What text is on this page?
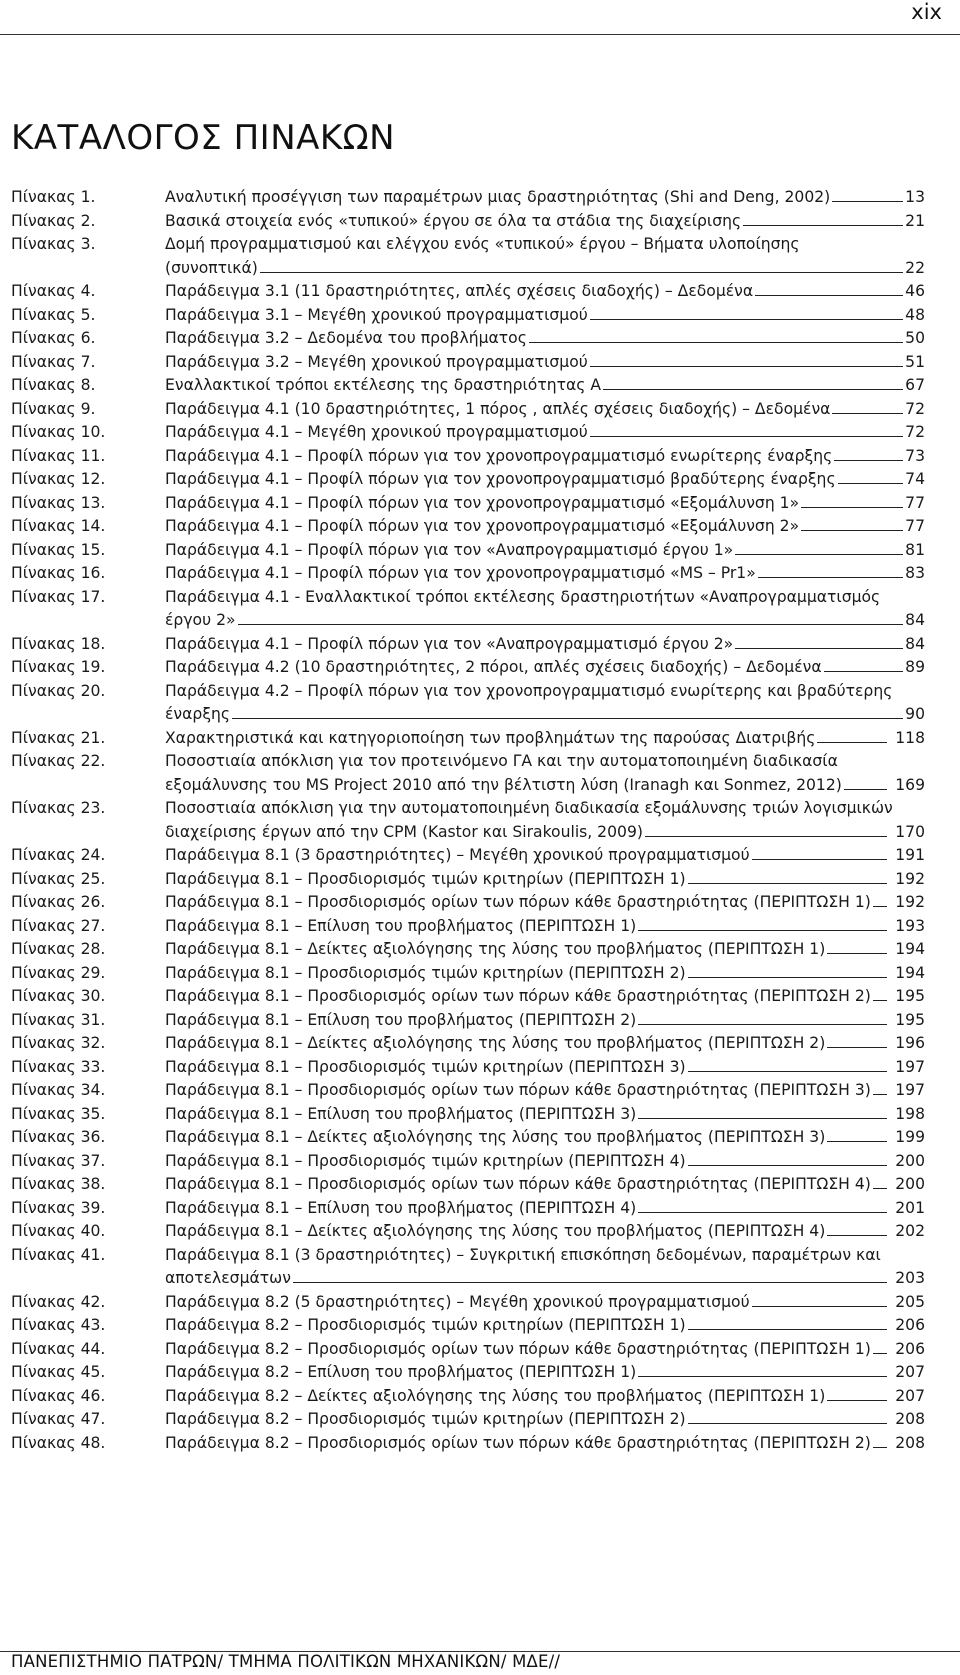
xix
ΚΑΤΑΛΟΓΟΣ ΠΙΝΑΚΩΝ
Πίνακας 1.	Αναλυτική προσέγγιση των παραμέτρων μιας δραστηριότητας (Shi and Deng, 2002)	13
Πίνακας 2.	Βασικά στοιχεία ενός «τυπικού» έργου σε όλα τα στάδια της διαχείρισης	21
Πίνακας 3.	Δομή προγραμματισμού και ελέγχου ενός «τυπικού» έργου – Βήματα υλοποίησης
(συνοπτικά)	22
Πίνακας 4.	Παράδειγμα 3.1 (11 δραστηριότητες, απλές σχέσεις διαδοχής) – Δεδομένα	46
Πίνακας 5.	Παράδειγμα 3.1 – Μεγέθη χρονικού προγραμματισμού	48
Πίνακας 6.	Παράδειγμα 3.2 – Δεδομένα του προβλήματος	50
Πίνακας 7.	Παράδειγμα 3.2 – Μεγέθη χρονικού προγραμματισμού	51
Πίνακας 8.	Εναλλακτικοί τρόποι εκτέλεσης της δραστηριότητας Α	67
Πίνακας 9.	Παράδειγμα 4.1 (10 δραστηριότητες, 1 πόρος , απλές σχέσεις διαδοχής) – Δεδομένα	72
Πίνακας 10.	Παράδειγμα 4.1 – Μεγέθη χρονικού προγραμματισμού	72
Πίνακας 11.	Παράδειγμα 4.1 – Προφίλ πόρων για τον χρονοπρογραμματισμό ενωρίτερης έναρξης	73
Πίνακας 12.	Παράδειγμα 4.1 – Προφίλ πόρων για τον χρονοπρογραμματισμό βραδύτερης έναρξης	74
Πίνακας 13.	Παράδειγμα 4.1 – Προφίλ πόρων για τον χρονοπρογραμματισμό «Εξομάλυνση 1»	77
Πίνακας 14.	Παράδειγμα 4.1 – Προφίλ πόρων για τον χρονοπρογραμματισμό «Εξομάλυνση 2»	77
Πίνακας 15.	Παράδειγμα 4.1 – Προφίλ πόρων για τον «Αναπρογραμματισμό έργου 1»	81
Πίνακας 16.	Παράδειγμα 4.1 – Προφίλ πόρων για τον χρονοπρογραμματισμό «MS – Pr1»	83
Πίνακας 17.	Παράδειγμα 4.1 - Εναλλακτικοί τρόποι εκτέλεσης δραστηριοτήτων «Αναπρογραμματισμός
έργου 2»	84
Πίνακας 18.	Παράδειγμα 4.1 – Προφίλ πόρων για τον «Αναπρογραμματισμό έργου 2»	84
Πίνακας 19.	Παράδειγμα 4.2 (10 δραστηριότητες, 2 πόροι, απλές σχέσεις διαδοχής) – Δεδομένα	89
Πίνακας 20.	Παράδειγμα 4.2 – Προφίλ πόρων για τον χρονοπρογραμματισμό ενωρίτερης και βραδύτερης
έναρξης	90
Πίνακας 21.	Χαρακτηριστικά και κατηγοριοποίηση των προβλημάτων της παρούσας Διατριβής	118
Πίνακας 22.	Ποσοστιαία απόκλιση για τον προτεινόμενο ΓΑ και την αυτοματοποιημένη διαδικασία
εξομάλυνσης του MS Project 2010 από την βέλτιστη λύση (Iranagh και Sonmez, 2012)	169
Πίνακας 23.	Ποσοστιαία απόκλιση για την αυτοματοποιημένη διαδικασία εξομάλυνσης τριών λογισμικών
διαχείρισης έργων από την CPM (Kastor και Sirakoulis, 2009)	170
Πίνακας 24.	Παράδειγμα 8.1 (3 δραστηριότητες) – Μεγέθη χρονικού προγραμματισμού	191
Πίνακας 25.	Παράδειγμα 8.1 – Προσδιορισμός τιμών κριτηρίων (ΠΕΡΙΠΤΩΣΗ 1)	192
Πίνακας 26.	Παράδειγμα 8.1 – Προσδιορισμός ορίων των πόρων κάθε δραστηριότητας (ΠΕΡΙΠΤΩΣΗ 1)	192
Πίνακας 27.	Παράδειγμα 8.1 – Επίλυση του προβλήματος (ΠΕΡΙΠΤΩΣΗ 1)	193
Πίνακας 28.	Παράδειγμα 8.1 – Δείκτες αξιολόγησης της λύσης του προβλήματος (ΠΕΡΙΠΤΩΣΗ 1)	194
Πίνακας 29.	Παράδειγμα 8.1 – Προσδιορισμός τιμών κριτηρίων (ΠΕΡΙΠΤΩΣΗ 2)	194
Πίνακας 30.	Παράδειγμα 8.1 – Προσδιορισμός ορίων των πόρων κάθε δραστηριότητας (ΠΕΡΙΠΤΩΣΗ 2)	195
Πίνακας 31.	Παράδειγμα 8.1 – Επίλυση του προβλήματος (ΠΕΡΙΠΤΩΣΗ 2)	195
Πίνακας 32.	Παράδειγμα 8.1 – Δείκτες αξιολόγησης της λύσης του προβλήματος (ΠΕΡΙΠΤΩΣΗ 2)	196
Πίνακας 33.	Παράδειγμα 8.1 – Προσδιορισμός τιμών κριτηρίων (ΠΕΡΙΠΤΩΣΗ 3)	197
Πίνακας 34.	Παράδειγμα 8.1 – Προσδιορισμός ορίων των πόρων κάθε δραστηριότητας (ΠΕΡΙΠΤΩΣΗ 3)	197
Πίνακας 35.	Παράδειγμα 8.1 – Επίλυση του προβλήματος (ΠΕΡΙΠΤΩΣΗ 3)	198
Πίνακας 36.	Παράδειγμα 8.1 – Δείκτες αξιολόγησης της λύσης του προβλήματος (ΠΕΡΙΠΤΩΣΗ 3)	199
Πίνακας 37.	Παράδειγμα 8.1 – Προσδιορισμός τιμών κριτηρίων (ΠΕΡΙΠΤΩΣΗ 4)	200
Πίνακας 38.	Παράδειγμα 8.1 – Προσδιορισμός ορίων των πόρων κάθε δραστηριότητας (ΠΕΡΙΠΤΩΣΗ 4)	200
Πίνακας 39.	Παράδειγμα 8.1 – Επίλυση του προβλήματος (ΠΕΡΙΠΤΩΣΗ 4)	201
Πίνακας 40.	Παράδειγμα 8.1 – Δείκτες αξιολόγησης της λύσης του προβλήματος (ΠΕΡΙΠΤΩΣΗ 4)	202
Πίνακας 41.	Παράδειγμα 8.1 (3 δραστηριότητες) – Συγκριτική επισκόπηση δεδομένων, παραμέτρων και
αποτελεσμάτων	203
Πίνακας 42.	Παράδειγμα 8.2 (5 δραστηριότητες) – Μεγέθη χρονικού προγραμματισμού	205
Πίνακας 43.	Παράδειγμα 8.2 – Προσδιορισμός τιμών κριτηρίων (ΠΕΡΙΠΤΩΣΗ 1)	206
Πίνακας 44.	Παράδειγμα 8.2 – Προσδιορισμός ορίων των πόρων κάθε δραστηριότητας (ΠΕΡΙΠΤΩΣΗ 1)	206
Πίνακας 45.	Παράδειγμα 8.2 – Επίλυση του προβλήματος (ΠΕΡΙΠΤΩΣΗ 1)	207
Πίνακας 46.	Παράδειγμα 8.2 – Δείκτες αξιολόγησης της λύσης του προβλήματος (ΠΕΡΙΠΤΩΣΗ 1)	207
Πίνακας 47.	Παράδειγμα 8.2 – Προσδιορισμός τιμών κριτηρίων (ΠΕΡΙΠΤΩΣΗ 2)	208
Πίνακας 48.	Παράδειγμα 8.2 – Προσδιορισμός ορίων των πόρων κάθε δραστηριότητας (ΠΕΡΙΠΤΩΣΗ 2)	208
ΠΑΝΕΠΙΣΤΗΜΙΟ ΠΑΤΡΩΝ/ ΤΜΗΜΑ ΠΟΛΙΤΙΚΩΝ ΜΗΧΑΝΙΚΩΝ/ ΜΔΕ//
